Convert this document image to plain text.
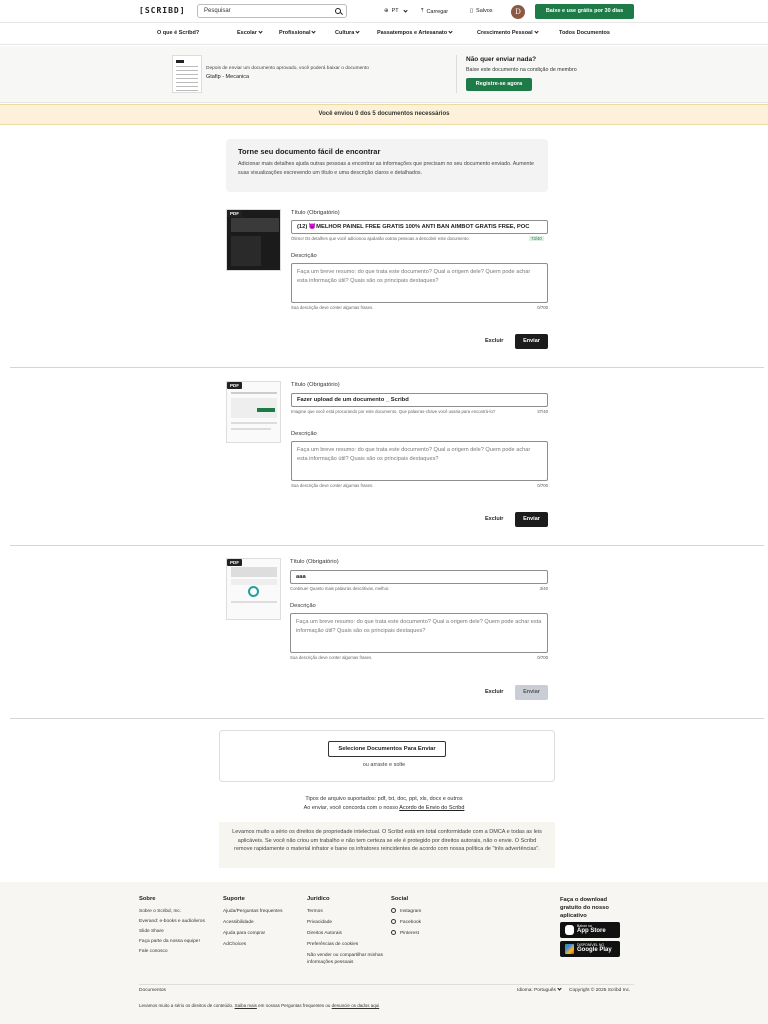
[SCRIBD]	Pesquisar	⊕ PT	⤒ Carregar	▯ Salvos	D	Baixe e use grátis por 30 dias
O que é Scribd?	Escolar	Profissional	Cultura	Passatempos e Artesanato	Crescimento Pessoal	Todos Documentos
Depois de enviar um documento aprovado, você poderá baixar o documento
Gtafip - Mecanica
Não quer enviar nada?
Baixe este documento na condição de membro
Registre-se agora
Você enviou 0 dos 5 documentos necessários
Torne seu documento fácil de encontrar
Adicionar mais detalhes ajuda outras pessoas a encontrar as informações que precisam no seu documento enviado. Aumente suas visualizações escrevendo um título e uma descrição claros e detalhados.
PDF	Título (Obrigatório)
(12) 👿MELHOR PAINEL FREE GRATIS 100% ANTI BAN AIMBOT GRATIS FREE, POC
Ótimo! Os detalhes que você adicionou ajudarão outras pessoas a descobrir este documento.	73/40
Descrição
Faça um breve resumo: do que trata este documento? Qual a origem dele? Quem pode achar esta informação útil? Quais são os principais destaques?
Sua descrição deve conter algumas frases.	0/700
Excluir	Enviar
PDF	Título (Obrigatório)
Fazer upload de um documento _ Scribd
Imagine que você está procurando por este documento. Que palavras-chave você usaria para encontrá-lo?	37/40
Descrição
Faça um breve resumo: do que trata este documento? Qual a origem dele? Quem pode achar esta informação útil? Quais são os principais destaques?
Sua descrição deve conter algumas frases.	0/700
Excluir	Enviar
PDF	Título (Obrigatório)
aaa
Continue! Quanto mais palavras descritivas, melhor.	3/40
Descrição
Faça um breve resumo: do que trata este documento? Qual a origem dele? Quem pode achar esta informação útil? Quais são os principais destaques?
Sua descrição deve conter algumas frases.	0/700
Excluir	Enviar
Selecione Documentos Para Enviar
ou arraste e solte
Tipos de arquivo suportados: pdf, txt, doc, ppt, xls, docx e outros
Ao enviar, você concorda com o nosso Acordo de Envio do Scribd
Levamos muito a sério os direitos de propriedade intelectual. O Scribd está em total conformidade com a DMCA e todas as leis aplicáveis. Se você não criou um trabalho e não tem certeza se ele é protegido por direitos autorais, não o envie. O Scribd remove rapidamente o material infrator e bane os infratores reincidentes de acordo com nossa política de "três advertências".
Sobre
Sobre o Scribd, Inc.
Everand: e-books e audiolivros
Slide Share
Faça parte da nossa equipe!
Fale conosco
Suporte
Ajuda/Perguntas frequentes
Acessibilidade
Ajuda para comprar
AdChoices
Jurídico
Termos
Privacidade
Direitos Autorais
Preferências de cookies
Não vender ou compartilhar minhas informações pessoais
Social
Instagram
Facebook
Pinterest
Faça o download gratuito do nosso aplicativo
Baixar na
App Store
DISPONÍVEL NO
Google Play
Documentos	Idioma: Português	Copyright © 2025 Scribd Inc.
Levamos muito a sério os direitos de conteúdo. Saiba mais em nossas Perguntas frequentes ou denuncie os dados aqui
